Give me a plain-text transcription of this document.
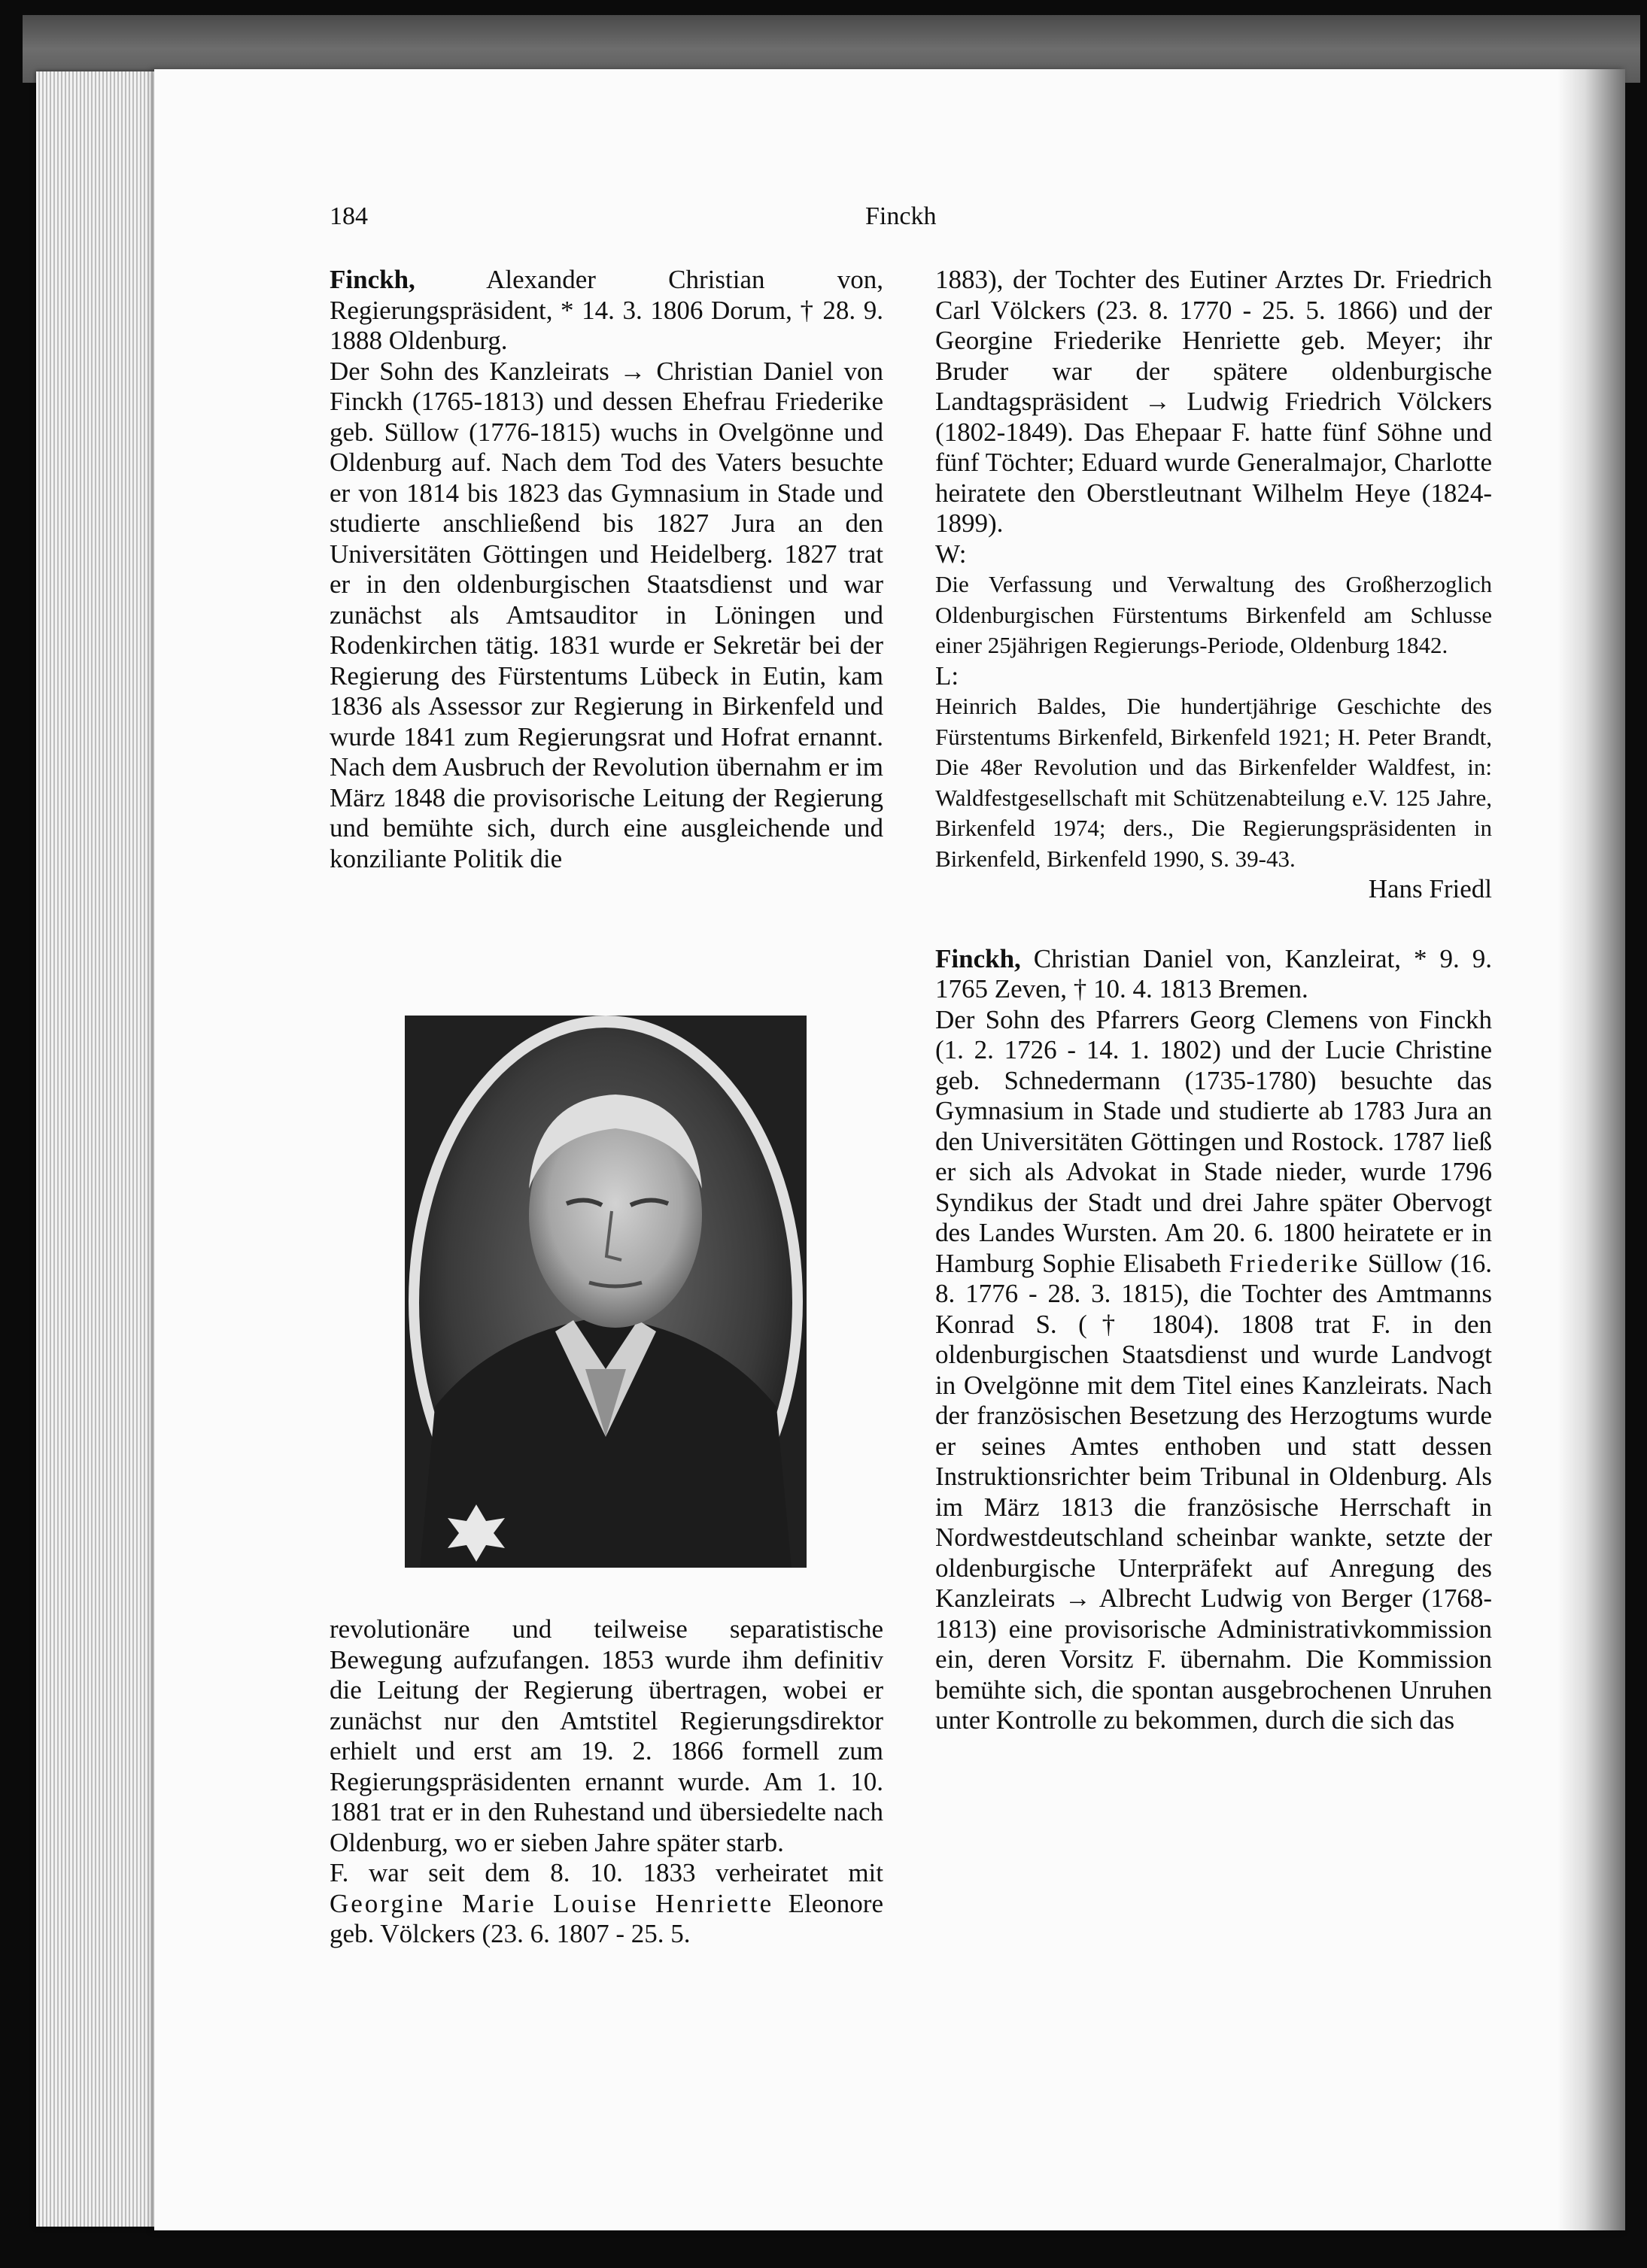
184	Finckh

Finckh, Alexander Christian von, Regierungspräsident, * 14. 3. 1806 Dorum, † 28. 9. 1888 Oldenburg.

Der Sohn des Kanzleirats → Christian Daniel von Finckh (1765-1813) und dessen Ehefrau Friederike geb. Süllow (1776-1815) wuchs in Ovelgönne und Oldenburg auf. Nach dem Tod des Vaters besuchte er von 1814 bis 1823 das Gymnasium in Stade und studierte anschließend bis 1827 Jura an den Universitäten Göttingen und Heidelberg. 1827 trat er in den oldenburgischen Staatsdienst und war zunächst als Amtsauditor in Löningen und Rodenkirchen tätig. 1831 wurde er Sekretär bei der Regierung des Fürstentums Lübeck in Eutin, kam 1836 als Assessor zur Regierung in Birkenfeld und wurde 1841 zum Regierungsrat und Hofrat ernannt. Nach dem Ausbruch der Revolution übernahm er im März 1848 die provisorische Leitung der Regierung und bemühte sich, durch eine ausgleichende und konziliante Politik die

revolutionäre und teilweise separatistische Bewegung aufzufangen. 1853 wurde ihm definitiv die Leitung der Regierung übertragen, wobei er zunächst nur den Amtstitel Regierungsdirektor erhielt und erst am 19. 2. 1866 formell zum Regierungspräsidenten ernannt wurde. Am 1. 10. 1881 trat er in den Ruhestand und übersiedelte nach Oldenburg, wo er sieben Jahre später starb.

F. war seit dem 8. 10. 1833 verheiratet mit Georgine Marie Louise Henriette Eleonore geb. Völckers (23. 6. 1807 - 25. 5.

1883), der Tochter des Eutiner Arztes Dr. Friedrich Carl Völckers (23. 8. 1770 - 25. 5. 1866) und der Georgine Friederike Henriette geb. Meyer; ihr Bruder war der spätere oldenburgische Landtagspräsident → Ludwig Friedrich Völckers (1802-1849). Das Ehepaar F. hatte fünf Söhne und fünf Töchter; Eduard wurde Generalmajor, Charlotte heiratete den Oberstleutnant Wilhelm Heye (1824-1899).

W:

Die Verfassung und Verwaltung des Großherzoglich Oldenburgischen Fürstentums Birkenfeld am Schlusse einer 25jährigen Regierungs-Periode, Oldenburg 1842.

L:

Heinrich Baldes, Die hundertjährige Geschichte des Fürstentums Birkenfeld, Birkenfeld 1921; H. Peter Brandt, Die 48er Revolution und das Birkenfelder Waldfest, in: Waldfestgesellschaft mit Schützenabteilung e.V. 125 Jahre, Birkenfeld 1974; ders., Die Regierungspräsidenten in Birkenfeld, Birkenfeld 1990, S. 39-43.

Hans Friedl

Finckh, Christian Daniel von, Kanzleirat, * 9. 9. 1765 Zeven, † 10. 4. 1813 Bremen.

Der Sohn des Pfarrers Georg Clemens von Finckh (1. 2. 1726 - 14. 1. 1802) und der Lucie Christine geb. Schnedermann (1735-1780) besuchte das Gymnasium in Stade und studierte ab 1783 Jura an den Universitäten Göttingen und Rostock. 1787 ließ er sich als Advokat in Stade nieder, wurde 1796 Syndikus der Stadt und drei Jahre später Obervogt des Landes Wursten. Am 20. 6. 1800 heiratete er in Hamburg Sophie Elisabeth Friederike Süllow (16. 8. 1776 - 28. 3. 1815), die Tochter des Amtmanns Konrad S. († 1804). 1808 trat F. in den oldenburgischen Staatsdienst und wurde Landvogt in Ovelgönne mit dem Titel eines Kanzleirats. Nach der französischen Besetzung des Herzogtums wurde er seines Amtes enthoben und statt dessen Instruktionsrichter beim Tribunal in Oldenburg. Als im März 1813 die französische Herrschaft in Nordwestdeutschland scheinbar wankte, setzte der oldenburgische Unterpräfekt auf Anregung des Kanzleirats → Albrecht Ludwig von Berger (1768-1813) eine provisorische Administrativkommission ein, deren Vorsitz F. übernahm. Die Kommission bemühte sich, die spontan ausgebrochenen Unruhen unter Kontrolle zu bekommen, durch die sich das
